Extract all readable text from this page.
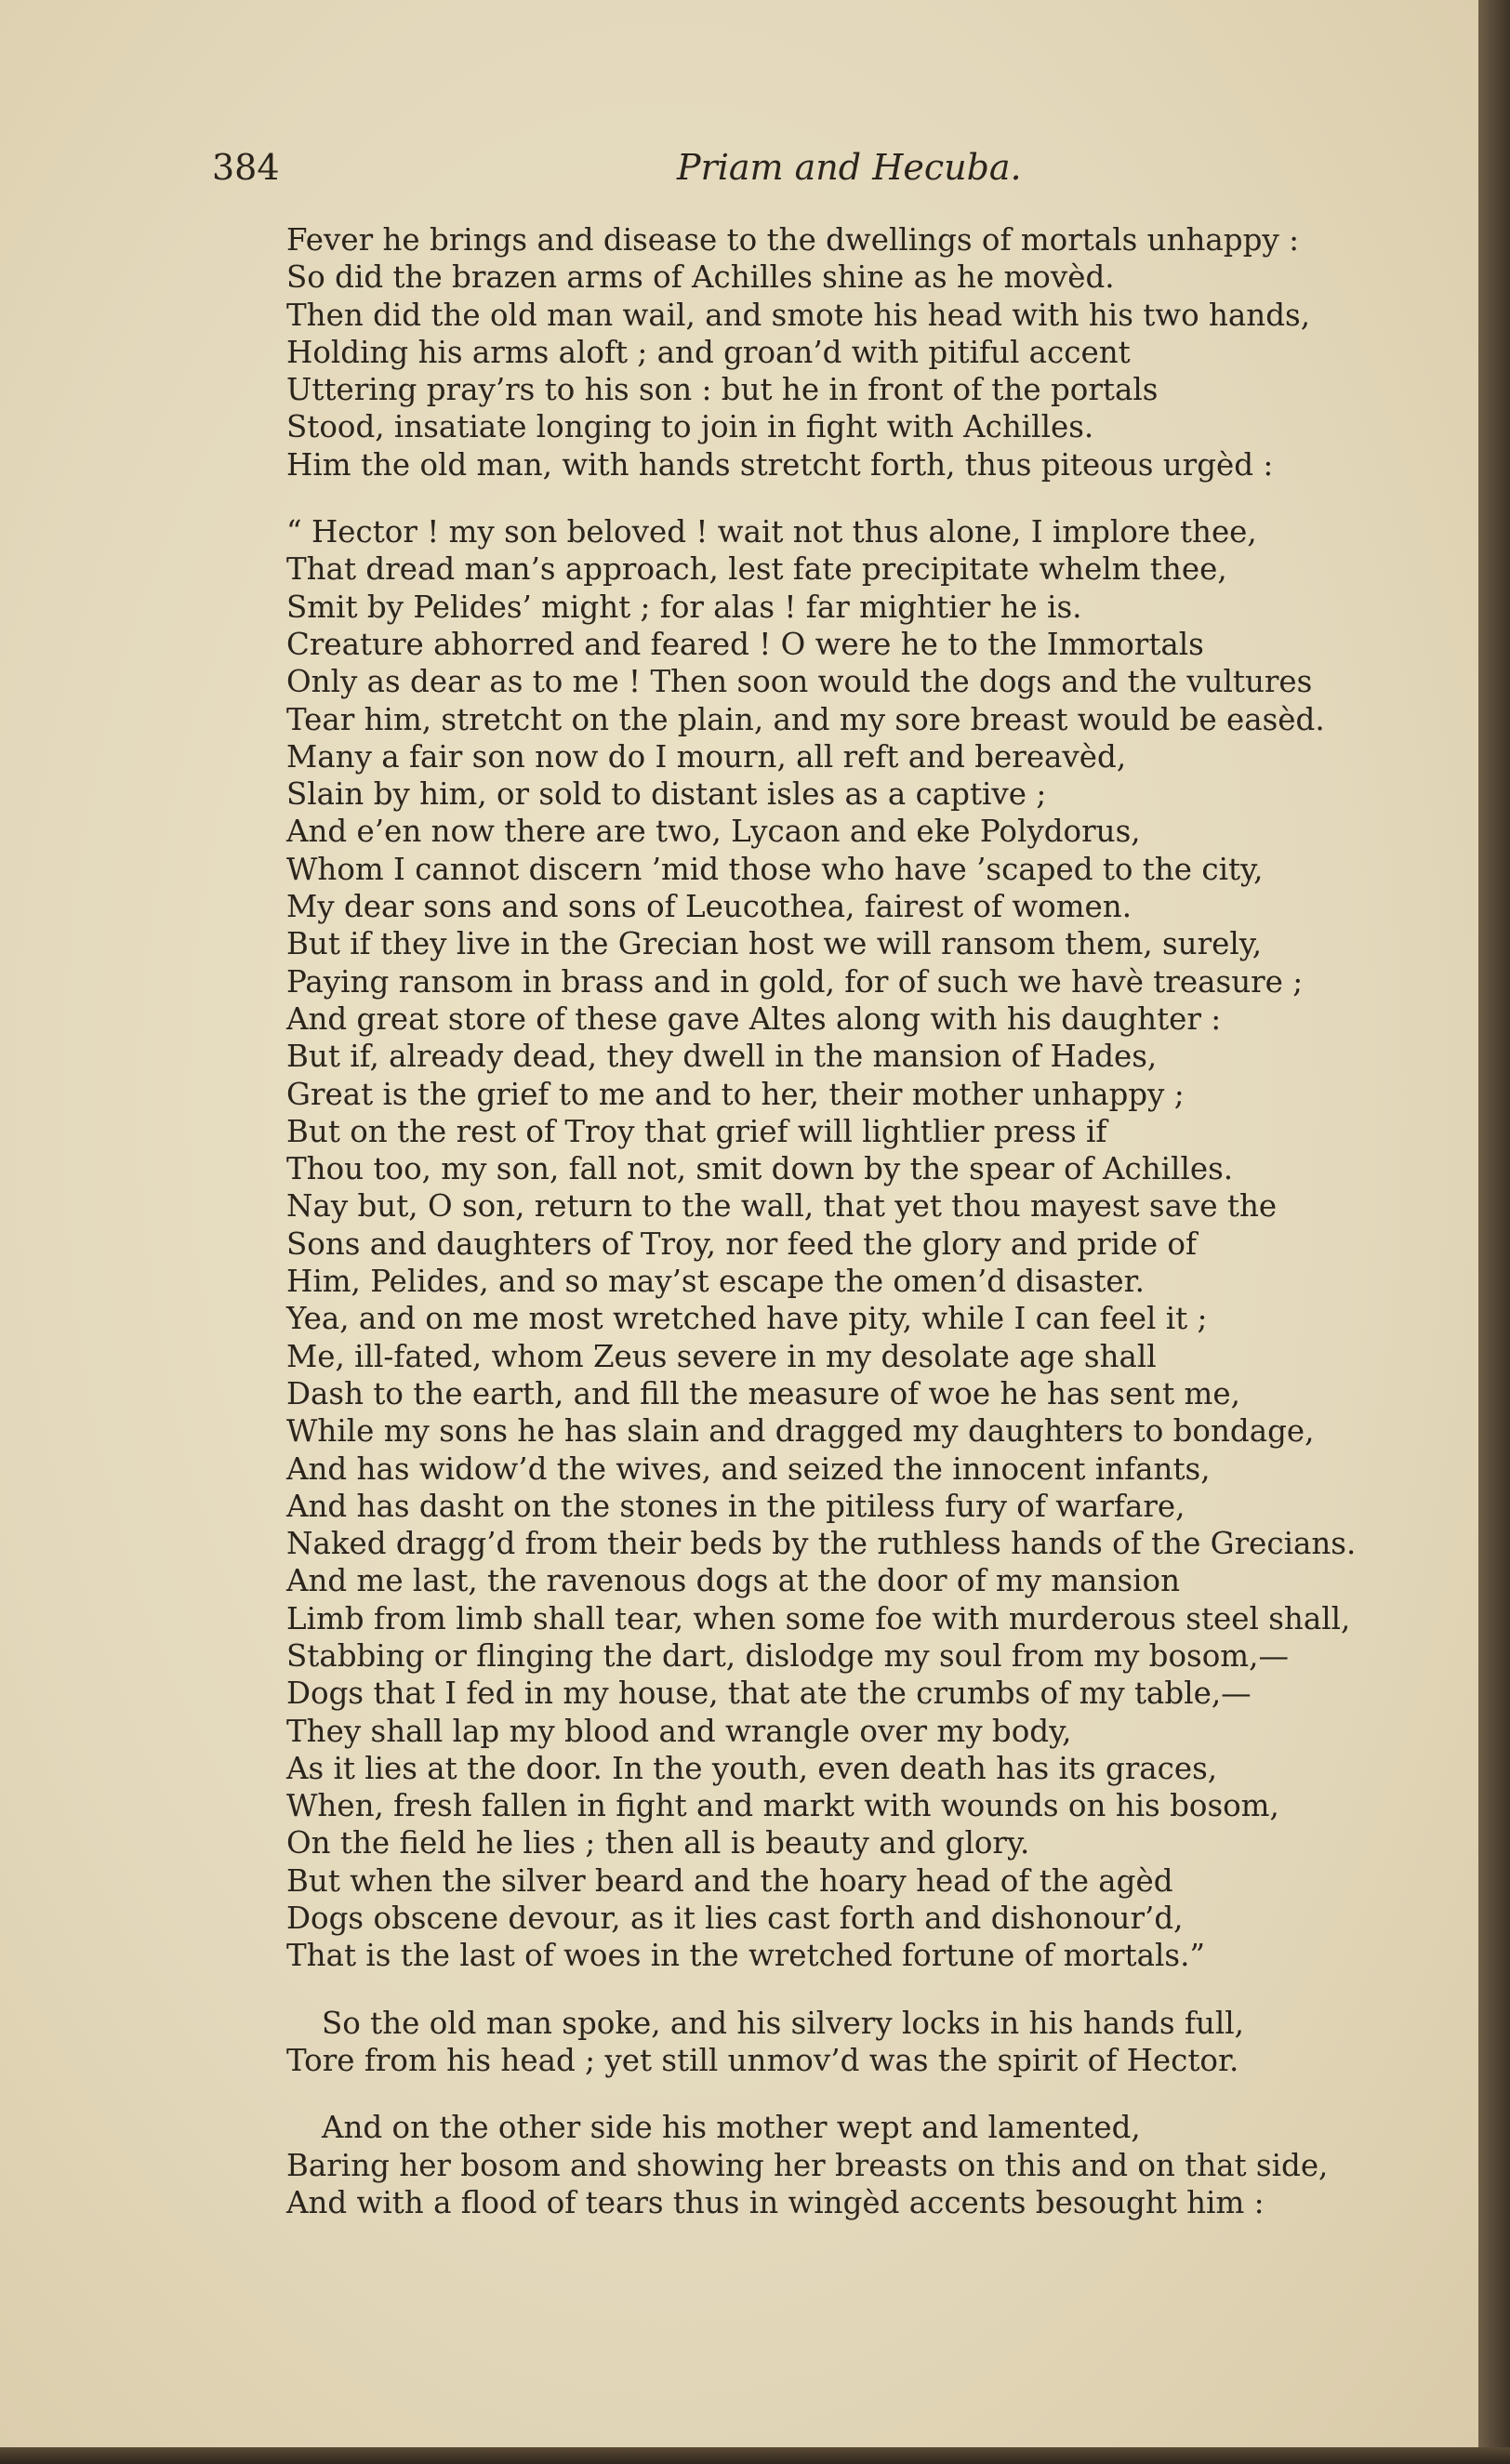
384	Priam and Hecuba.
Fever he brings and disease to the dwellings of mortals unhappy :
So did the brazen arms of Achilles shine as he movèd.
Then did the old man wail, and smote his head with his two hands,
Holding his arms aloft ; and groan’d with pitiful accent
Uttering pray’rs to his son : but he in front of the portals
Stood, insatiate longing to join in fight with Achilles.
Him the old man, with hands stretcht forth, thus piteous urgèd :
“ Hector ! my son beloved ! wait not thus alone, I implore thee,
That dread man’s approach, lest fate precipitate whelm thee,
Smit by Pelides’ might ; for alas ! far mightier he is.
Creature abhorred and feared ! O were he to the Immortals
Only as dear as to me ! Then soon would the dogs and the vultures
Tear him, stretcht on the plain, and my sore breast would be easèd.
Many a fair son now do I mourn, all reft and bereavèd,
Slain by him, or sold to distant isles as a captive ;
And e’en now there are two, Lycaon and eke Polydorus,
Whom I cannot discern ’mid those who have ’scaped to the city,
My dear sons and sons of Leucothea, fairest of women.
But if they live in the Grecian host we will ransom them, surely,
Paying ransom in brass and in gold, for of such we havè treasure ;
And great store of these gave Altes along with his daughter :
But if, already dead, they dwell in the mansion of Hades,
Great is the grief to me and to her, their mother unhappy ;
But on the rest of Troy that grief will lightlier press if
Thou too, my son, fall not, smit down by the spear of Achilles.
Nay but, O son, return to the wall, that yet thou mayest save the
Sons and daughters of Troy, nor feed the glory and pride of
Him, Pelides, and so may’st escape the omen’d disaster.
Yea, and on me most wretched have pity, while I can feel it ;
Me, ill-fated, whom Zeus severe in my desolate age shall
Dash to the earth, and fill the measure of woe he has sent me,
While my sons he has slain and dragged my daughters to bondage,
And has widow’d the wives, and seized the innocent infants,
And has dasht on the stones in the pitiless fury of warfare,
Naked dragg’d from their beds by the ruthless hands of the Grecians.
And me last, the ravenous dogs at the door of my mansion
Limb from limb shall tear, when some foe with murderous steel shall,
Stabbing or flinging the dart, dislodge my soul from my bosom,—
Dogs that I fed in my house, that ate the crumbs of my table,—
They shall lap my blood and wrangle over my body,
As it lies at the door. In the youth, even death has its graces,
When, fresh fallen in fight and markt with wounds on his bosom,
On the field he lies ; then all is beauty and glory.
But when the silver beard and the hoary head of the agèd
Dogs obscene devour, as it lies cast forth and dishonour’d,
That is the last of woes in the wretched fortune of mortals.”
So the old man spoke, and his silvery locks in his hands full,
Tore from his head ; yet still unmov’d was the spirit of Hector.
And on the other side his mother wept and lamented,
Baring her bosom and showing her breasts on this and on that side,
And with a flood of tears thus in wingèd accents besought him :
